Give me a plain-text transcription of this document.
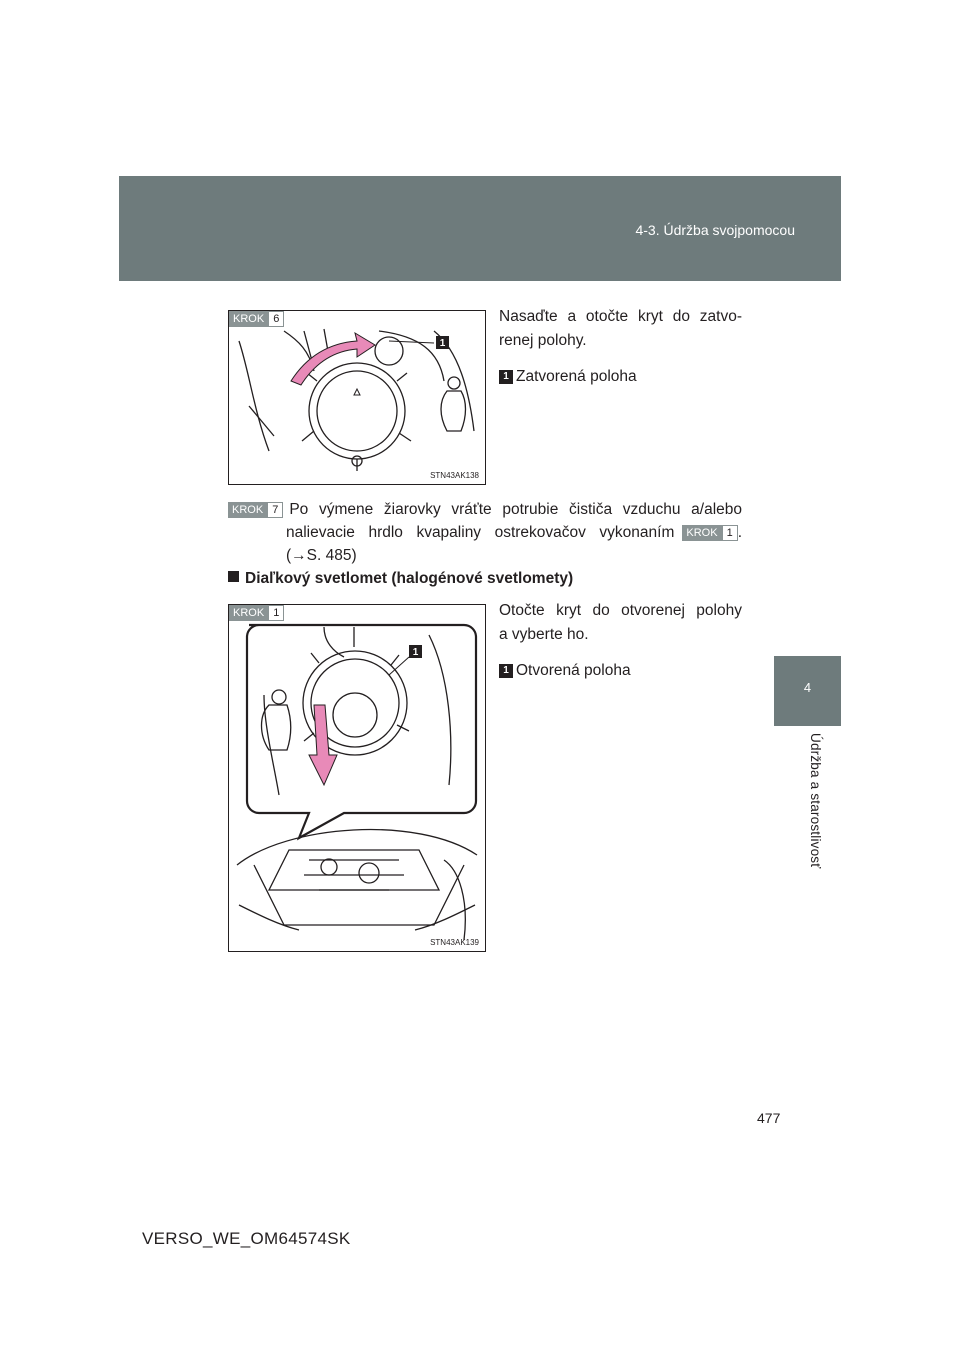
4-3. Údržba svojpomocou
4
Údržba a starostlivosť
KROK 6
1
STN43AK138
Nasaďte a otočte kryt do zatvo-
renej polohy.
1 Zatvorená poloha
KROK 7 Po výmene žiarovky vráťte potrubie čističa vzduchu a/alebo
nalievacie hrdlo kvapaliny ostrekovačov vykonaním	KROK 1 .
(→S. 485)
Diaľkový svetlomet (halogénové svetlomety)
KROK 1
1
STN43AK139
Otočte kryt do otvorenej polohy
a vyberte ho.
1 Otvorená poloha
477
VERSO_WE_OM64574SK
